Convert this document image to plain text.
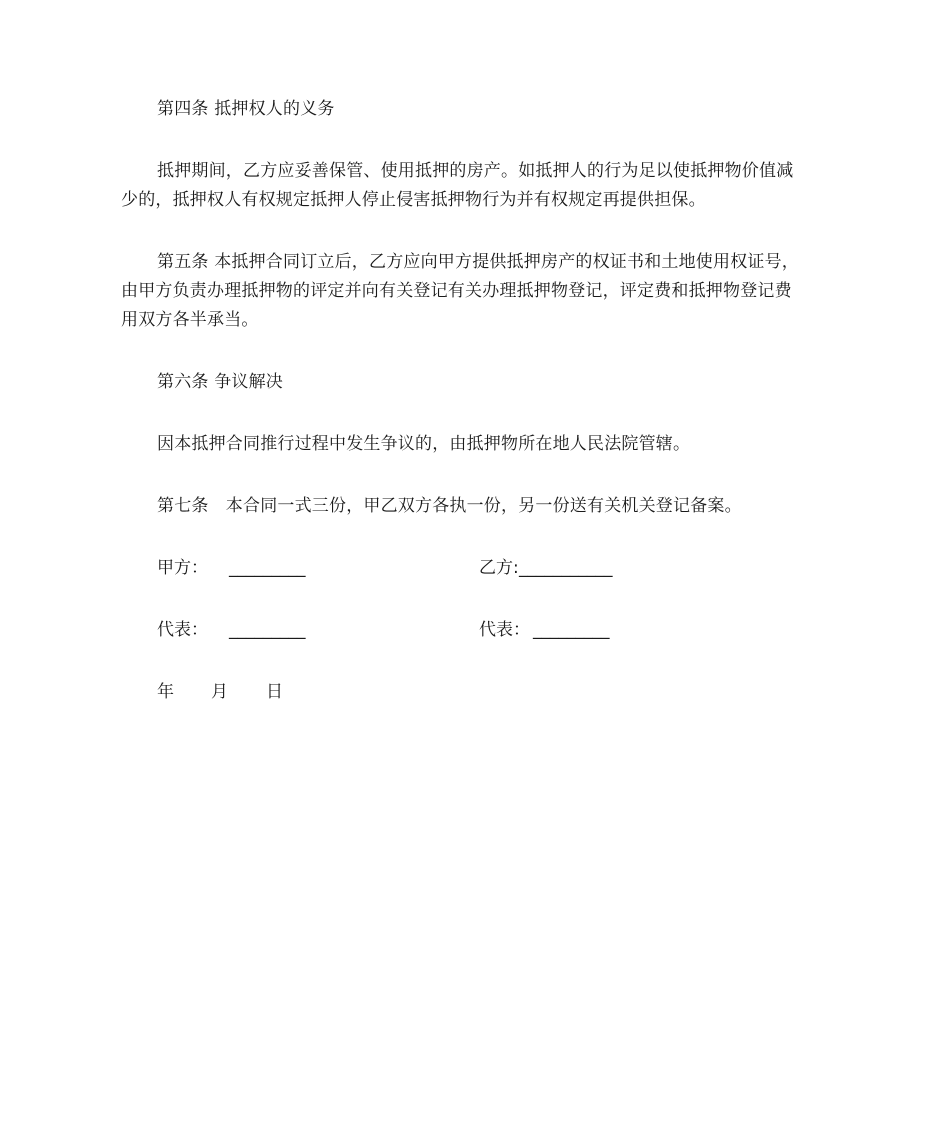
第四条 抵押权人的义务
抵押期间，乙方应妥善保管、使用抵押的房产。如抵押人的行为足以使抵押物价值减
少的，抵押权人有权规定抵押人停止侵害抵押物行为并有权规定再提供担保。
第五条 本抵押合同订立后，乙方应向甲方提供抵押房产的权证书和土地使用权证号，
由甲方负责办理抵押物的评定并向有关登记有关办理抵押物登记，评定费和抵押物登记费
用双方各半承当。
第六条 争议解决
因本抵押合同推行过程中发生争议的，由抵押物所在地人民法院管辖。
第七条　本合同一式三份，甲乙双方各执一份，另一份送有关机关登记备案。
甲方： _________	乙方: ___________
代表： _________	代表： _________
年 月 日
